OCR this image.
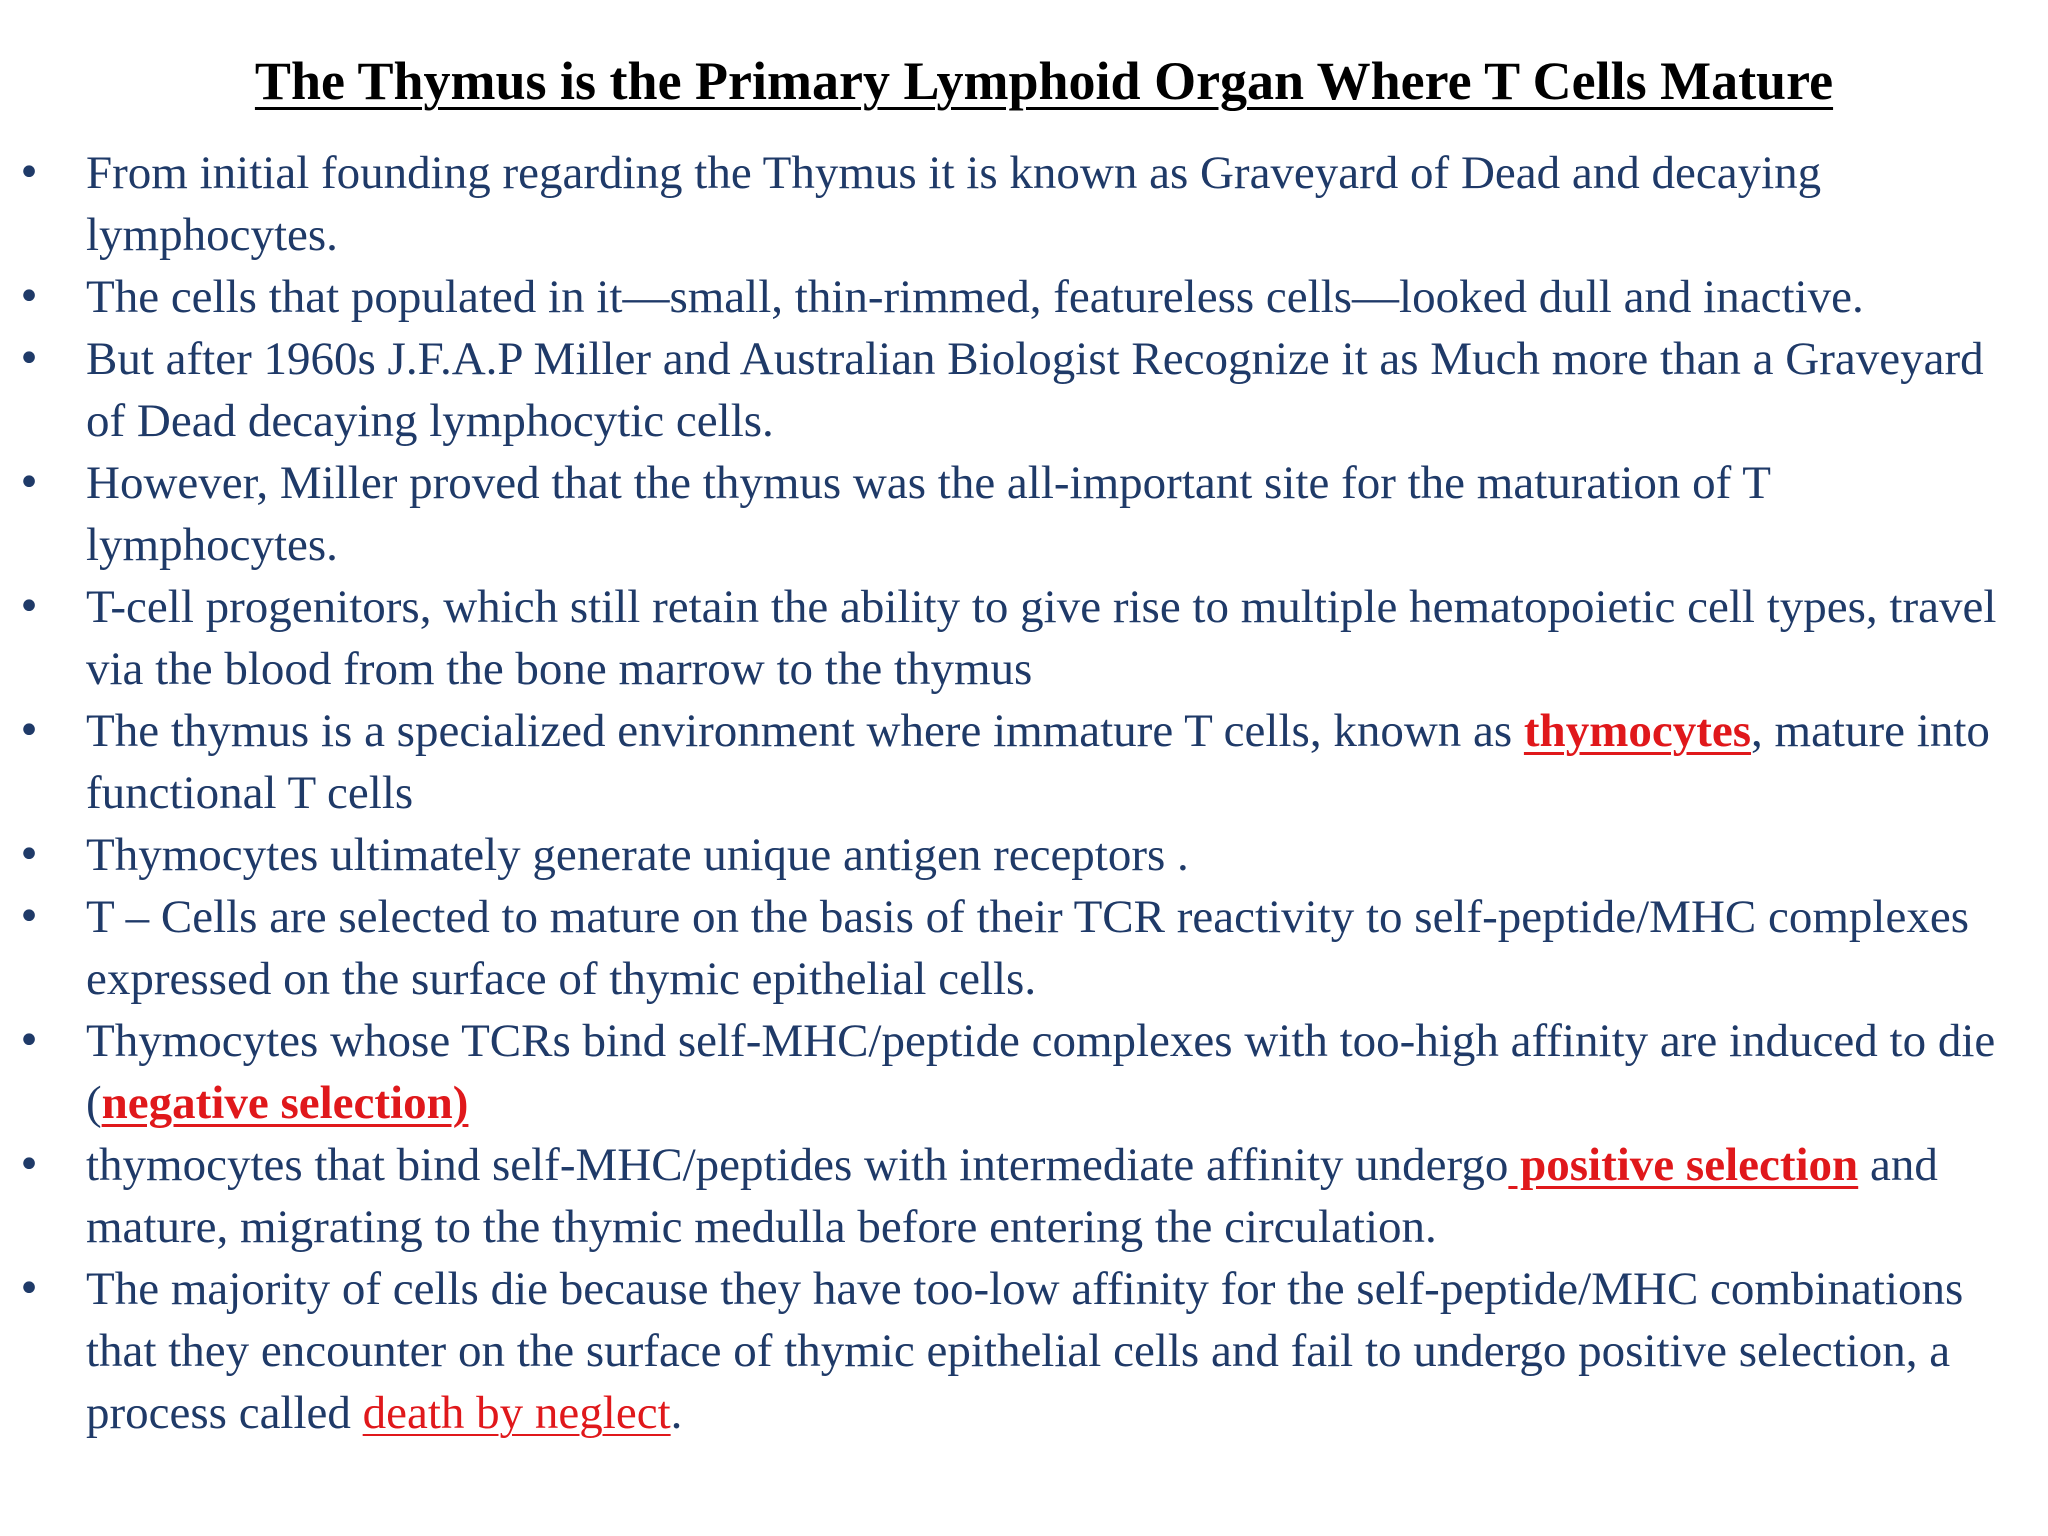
The Thymus is the Primary Lymphoid Organ Where T Cells Mature
• From initial founding regarding the Thymus it is known as Graveyard of Dead and decaying lymphocytes.
• The cells that populated in it—small, thin-rimmed, featureless cells—looked dull and inactive.
• But after 1960s J.F.A.P Miller and Australian Biologist Recognize it as Much more than a Graveyard of Dead decaying lymphocytic cells.
• However, Miller proved that the thymus was the all-important site for the maturation of T lymphocytes.
• T-cell progenitors, which still retain the ability to give rise to multiple hematopoietic cell types, travel via the blood from the bone marrow to the thymus
• The thymus is a specialized environment where immature T cells, known as thymocytes, mature into functional T cells
• Thymocytes ultimately generate unique antigen receptors .
• T – Cells are selected to mature on the basis of their TCR reactivity to self-peptide/MHC complexes expressed on the surface of thymic epithelial cells.
• Thymocytes whose TCRs bind self-MHC/peptide complexes with too-high affinity are induced to die (negative selection)
• thymocytes that bind self-MHC/peptides with intermediate affinity undergo positive selection and mature, migrating to the thymic medulla before entering the circulation.
• The majority of cells die because they have too-low affinity for the self-peptide/MHC combinations that they encounter on the surface of thymic epithelial cells and fail to undergo positive selection, a process called death by neglect.
